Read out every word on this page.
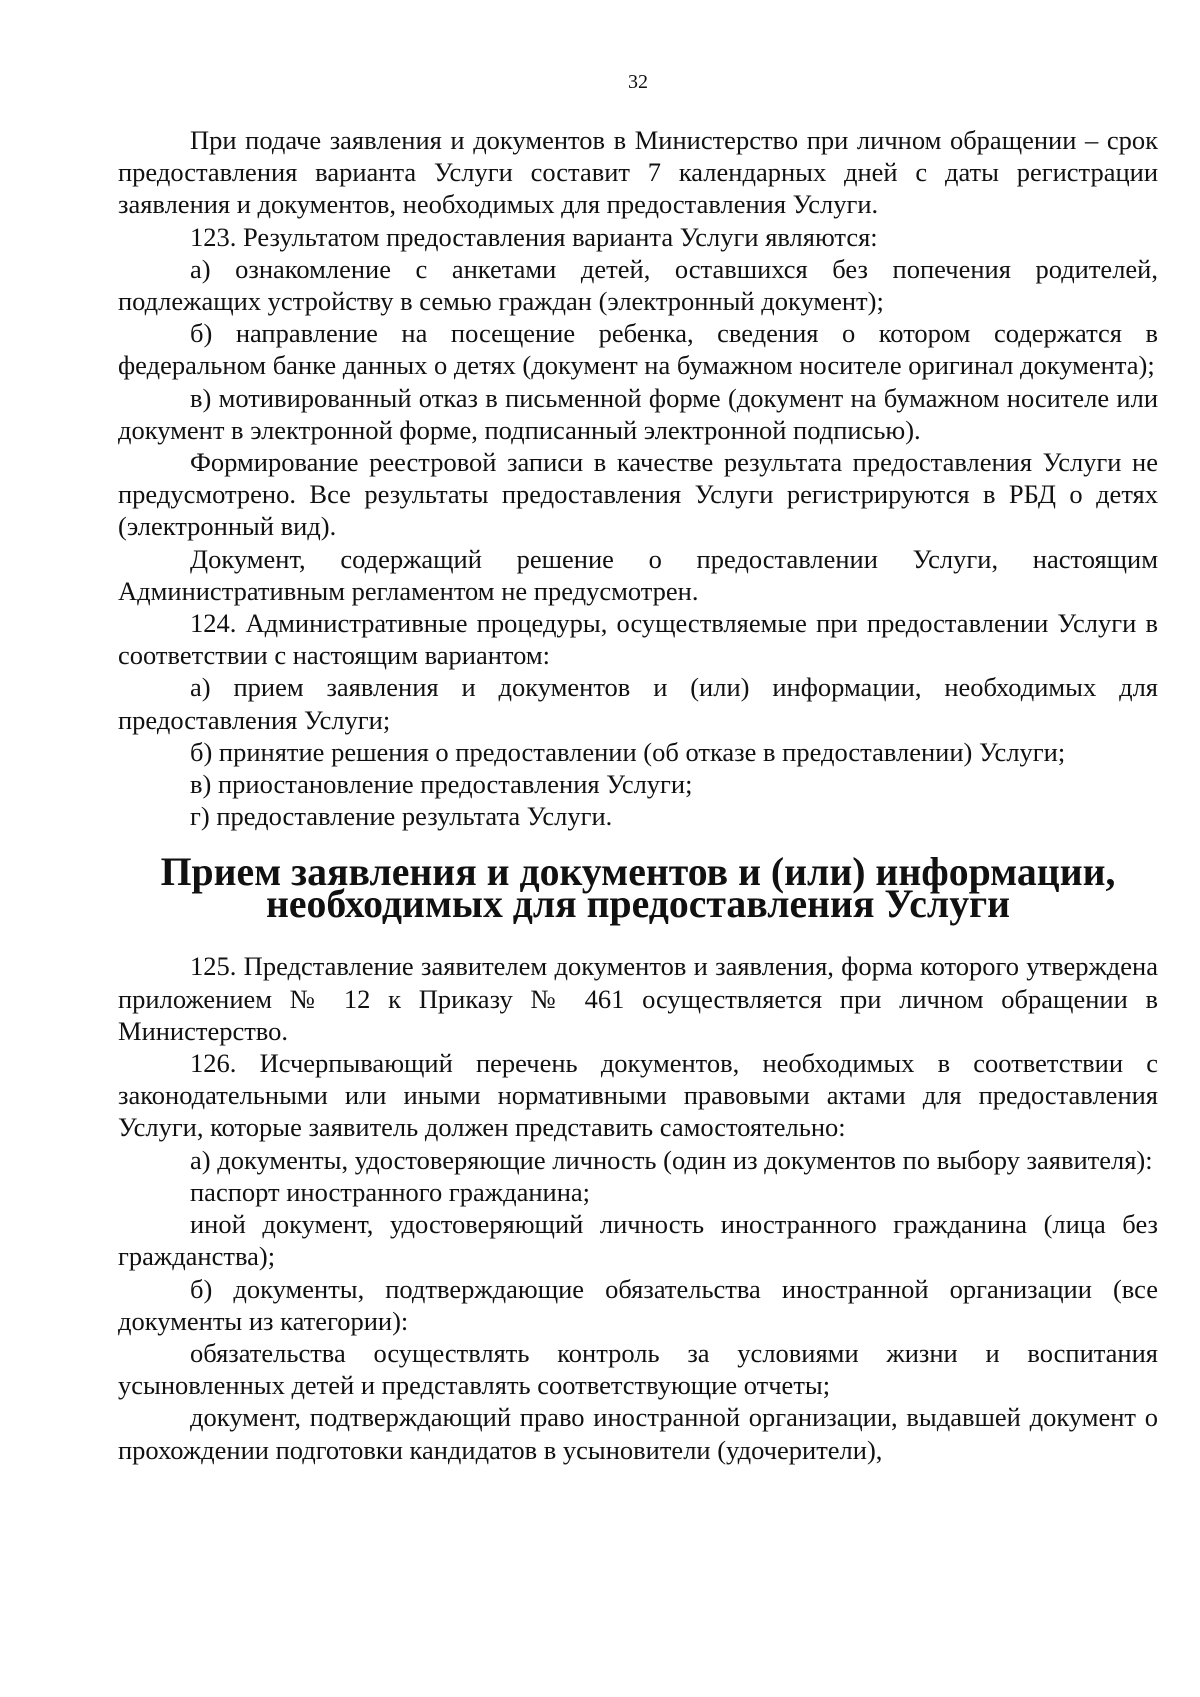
32

При подаче заявления и документов в Министерство при личном обращении – срок предоставления варианта Услуги составит 7 календарных дней с даты регистрации заявления и документов, необходимых для предоставления Услуги.

123. Результатом предоставления варианта Услуги являются:

а) ознакомление с анкетами детей, оставшихся без попечения родителей, подлежащих устройству в семью граждан (электронный документ);

б) направление на посещение ребенка, сведения о котором содержатся в федеральном банке данных о детях (документ на бумажном носителе оригинал документа);

в) мотивированный отказ в письменной форме (документ на бумажном носителе или документ в электронной форме, подписанный электронной подписью).

Формирование реестровой записи в качестве результата предоставления Услуги не предусмотрено. Все результаты предоставления Услуги регистрируются в РБД о детях (электронный вид).

Документ, содержащий решение о предоставлении Услуги, настоящим Административным регламентом не предусмотрен.

124. Административные процедуры, осуществляемые при предоставлении Услуги в соответствии с настоящим вариантом:

а) прием заявления и документов и (или) информации, необходимых для предоставления Услуги;

б) принятие решения о предоставлении (об отказе в предоставлении) Услуги;

в) приостановление предоставления Услуги;

г) предоставление результата Услуги.

Прием заявления и документов и (или) информации, необходимых для предоставления Услуги

125. Представление заявителем документов и заявления, форма которого утверждена приложением № 12 к Приказу № 461 осуществляется при личном обращении в Министерство.

126. Исчерпывающий перечень документов, необходимых в соответствии с законодательными или иными нормативными правовыми актами для предоставления Услуги, которые заявитель должен представить самостоятельно:

а) документы, удостоверяющие личность (один из документов по выбору заявителя):

паспорт иностранного гражданина;

иной документ, удостоверяющий личность иностранного гражданина (лица без гражданства);

б) документы, подтверждающие обязательства иностранной организации (все документы из категории):

обязательства осуществлять контроль за условиями жизни и воспитания усыновленных детей и представлять соответствующие отчеты;

документ, подтверждающий право иностранной организации, выдавшей документ о прохождении подготовки кандидатов в усыновители (удочерители),
